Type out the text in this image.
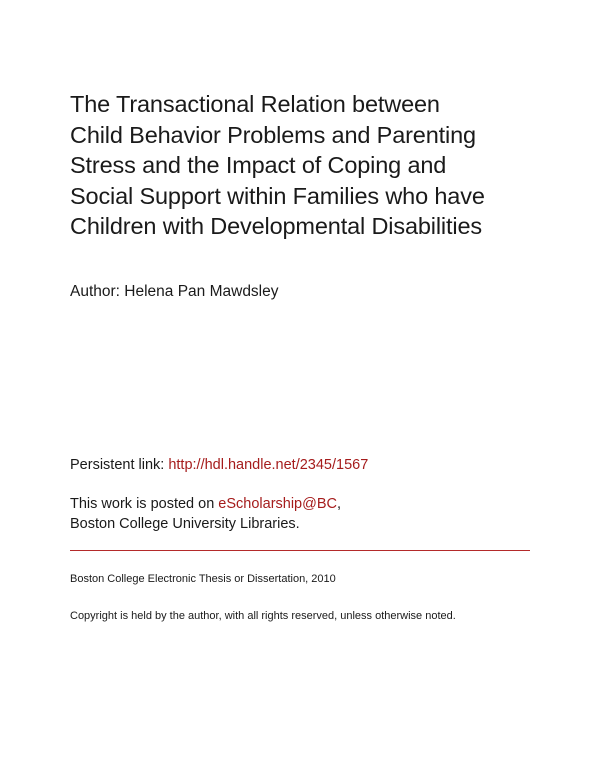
The Transactional Relation between
Child Behavior Problems and Parenting
Stress and the Impact of Coping and
Social Support within Families who have
Children with Developmental Disabilities
Author: Helena Pan Mawdsley
Persistent link: http://hdl.handle.net/2345/1567
This work is posted on eScholarship@BC,
Boston College University Libraries.
Boston College Electronic Thesis or Dissertation, 2010
Copyright is held by the author, with all rights reserved, unless otherwise noted.
